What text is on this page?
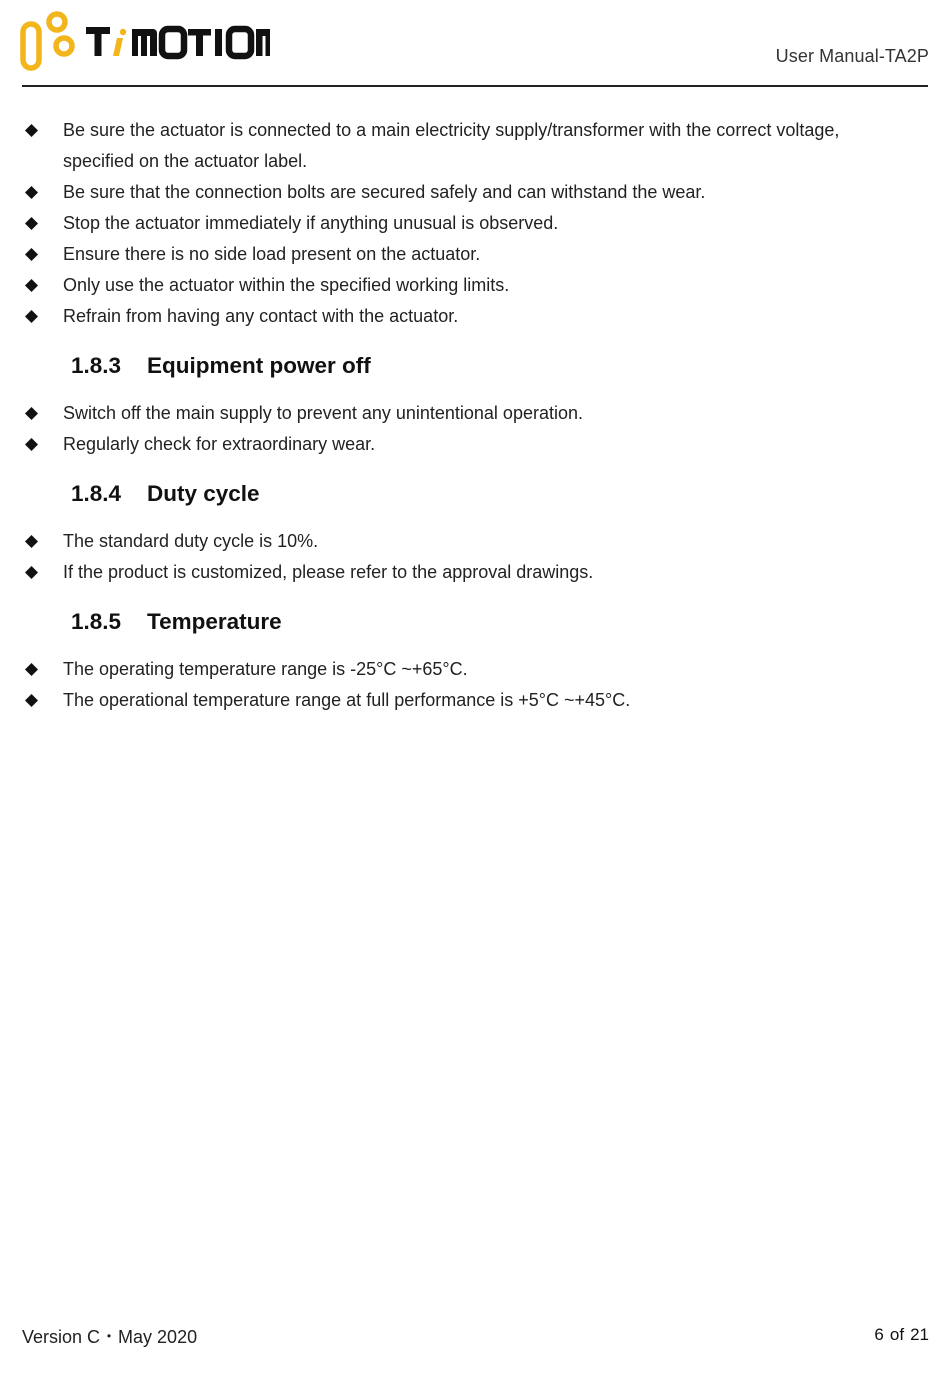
User Manual-TA2P
Be sure the actuator is connected to a main electricity supply/transformer with the correct voltage, specified on the actuator label.
Be sure that the connection bolts are secured safely and can withstand the wear.
Stop the actuator immediately if anything unusual is observed.
Ensure there is no side load present on the actuator.
Only use the actuator within the specified working limits.
Refrain from having any contact with the actuator.
1.8.3 Equipment power off
Switch off the main supply to prevent any unintentional operation.
Regularly check for extraordinary wear.
1.8.4 Duty cycle
The standard duty cycle is 10%.
If the product is customized, please refer to the approval drawings.
1.8.5 Temperature
The operating temperature range is -25°C ~+65°C.
The operational temperature range at full performance is +5°C ~+45°C.
Version C・May 2020	6 of 21
